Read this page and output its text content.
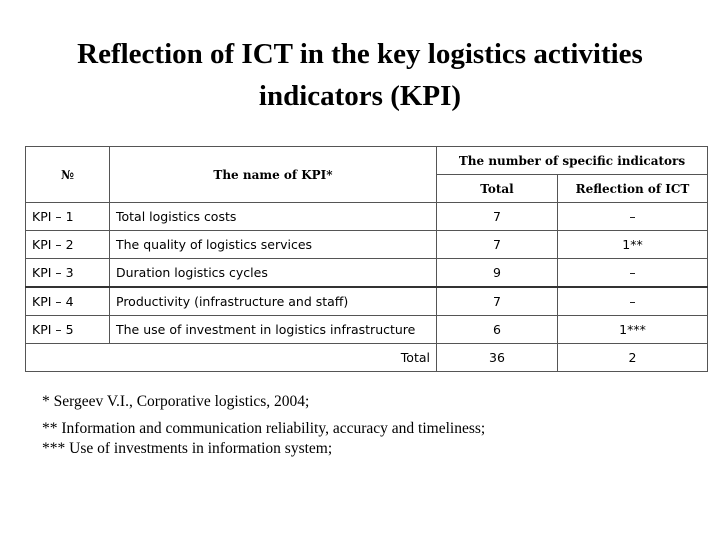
Reflection of ICT in the key logistics activities
indicators (KPI)
№	The name of KPI*	The number of specific indicators	
		Total	Reflection of ICT
KPI – 1	Total logistics costs	7	–
KPI – 2	The quality of logistics services	7	1**
KPI – 3	Duration logistics cycles	9	–
KPI – 4	Productivity (infrastructure and staff)	7	–
KPI – 5	The use of investment in logistics infrastructure	6	1***
Total		36	2
* Sergeev V.I., Corporative logistics, 2004;
** Information and communication reliability, accuracy and timeliness;
*** Use of investments in information system;
